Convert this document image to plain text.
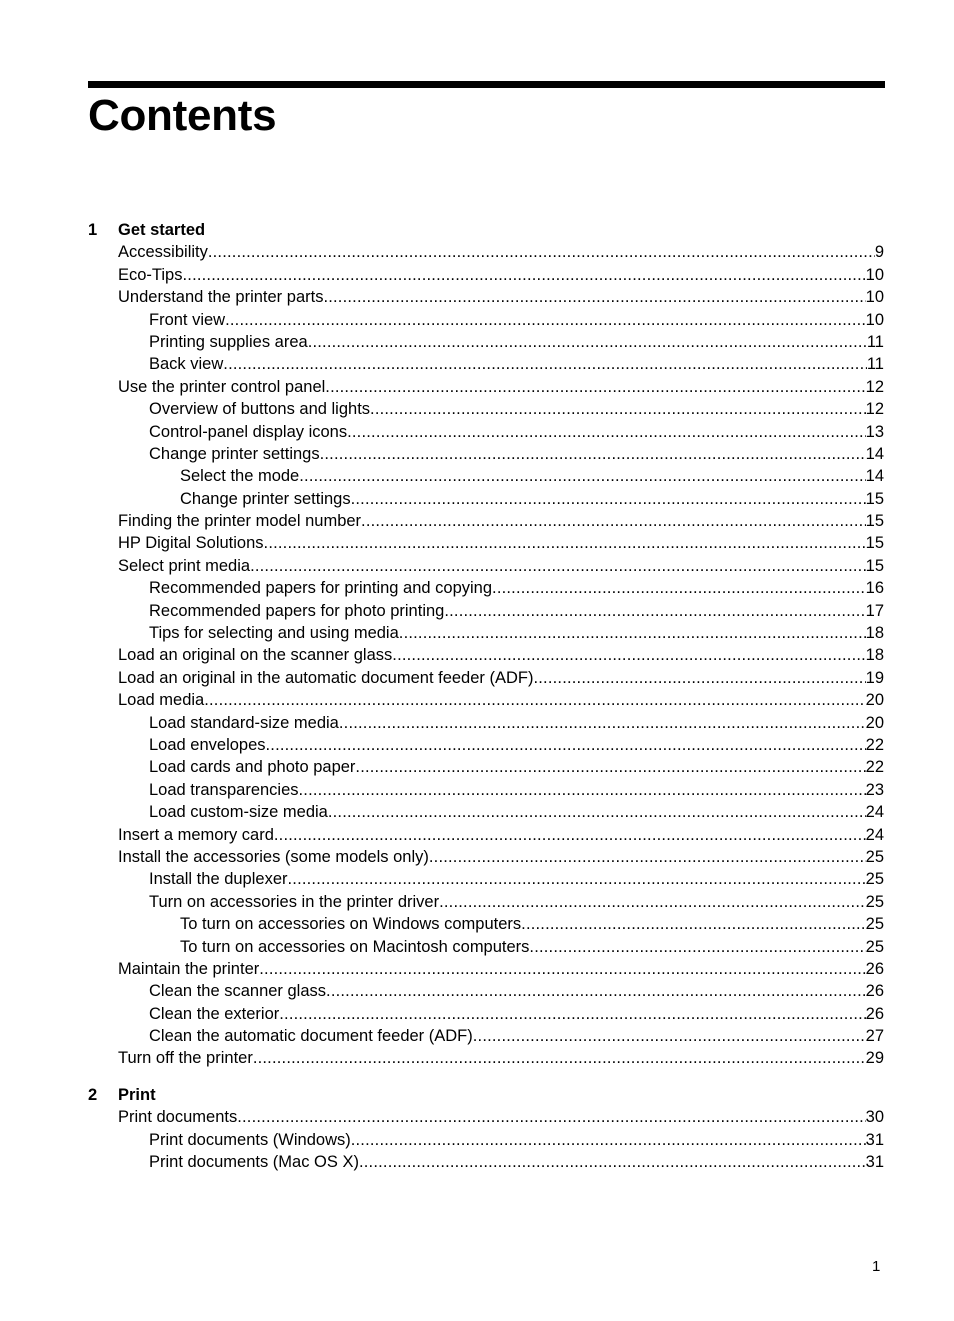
Contents
1 Get started
Accessibility .....	9
Eco-Tips .....	10
Understand the printer parts .....	10
Front view .....	10
Printing supplies area .....	11
Back view .....	11
Use the printer control panel .....	12
Overview of buttons and lights .....	12
Control-panel display icons .....	13
Change printer settings .....	14
Select the mode .....	14
Change printer settings .....	15
Finding the printer model number .....	15
HP Digital Solutions .....	15
Select print media .....	15
Recommended papers for printing and copying .....	16
Recommended papers for photo printing .....	17
Tips for selecting and using media .....	18
Load an original on the scanner glass .....	18
Load an original in the automatic document feeder (ADF) .....	19
Load media .....	20
Load standard-size media .....	20
Load envelopes .....	22
Load cards and photo paper .....	22
Load transparencies .....	23
Load custom-size media .....	24
Insert a memory card .....	24
Install the accessories (some models only) .....	25
Install the duplexer .....	25
Turn on accessories in the printer driver .....	25
To turn on accessories on Windows computers .....	25
To turn on accessories on Macintosh computers .....	25
Maintain the printer .....	26
Clean the scanner glass .....	26
Clean the exterior .....	26
Clean the automatic document feeder (ADF) .....	27
Turn off the printer .....	29
2 Print
Print documents .....	30
Print documents (Windows) .....	31
Print documents (Mac OS X) .....	31
1
